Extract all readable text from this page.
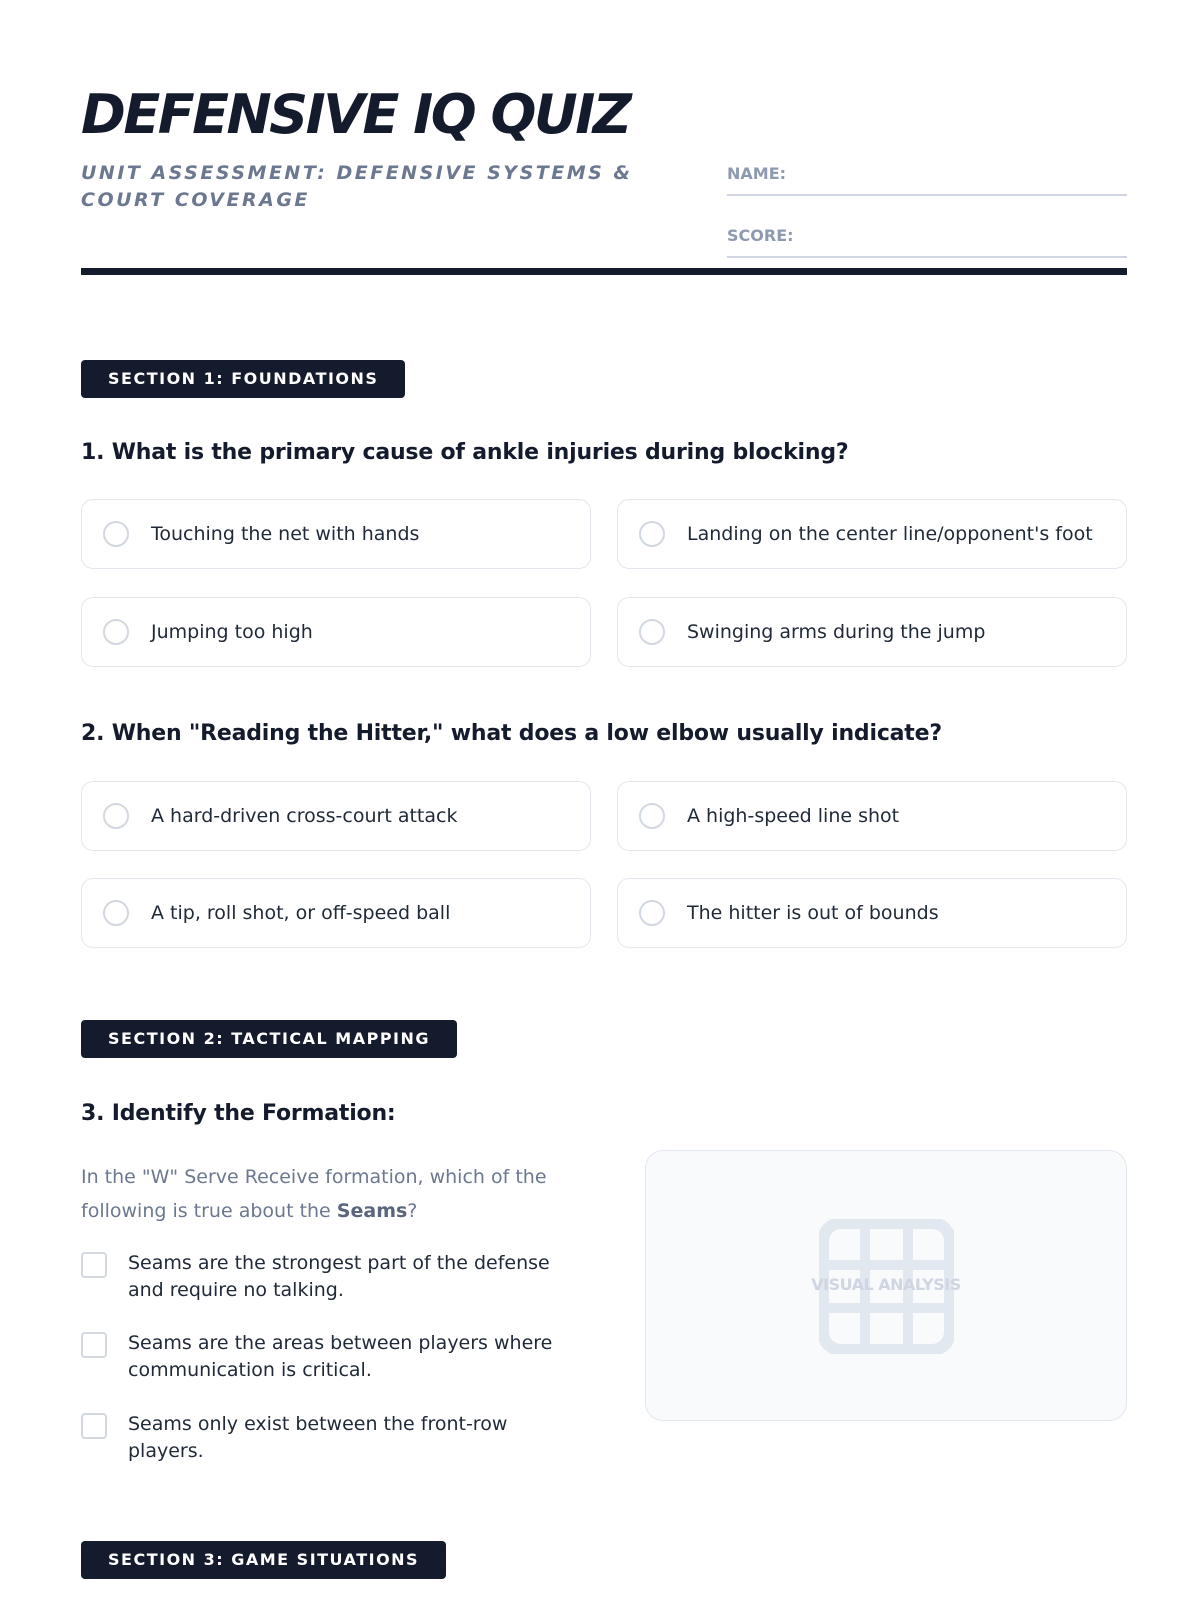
DEFENSIVE IQ QUIZ
UNIT ASSESSMENT: DEFENSIVE SYSTEMS & COURT COVERAGE
NAME:
SCORE:
SECTION 1: FOUNDATIONS
1. What is the primary cause of ankle injuries during blocking?
Touching the net with hands	Landing on the center line/opponent's foot
Jumping too high	Swinging arms during the jump
2. When "Reading the Hitter," what does a low elbow usually indicate?
A hard-driven cross-court attack	A high-speed line shot
A tip, roll shot, or off-speed ball	The hitter is out of bounds
SECTION 2: TACTICAL MAPPING
3. Identify the Formation:
In the "W" Serve Receive formation, which of the following is true about the Seams?
Seams are the strongest part of the defense and require no talking.
Seams are the areas between players where communication is critical.
Seams only exist between the front-row players.
VISUAL ANALYSIS
SECTION 3: GAME SITUATIONS
